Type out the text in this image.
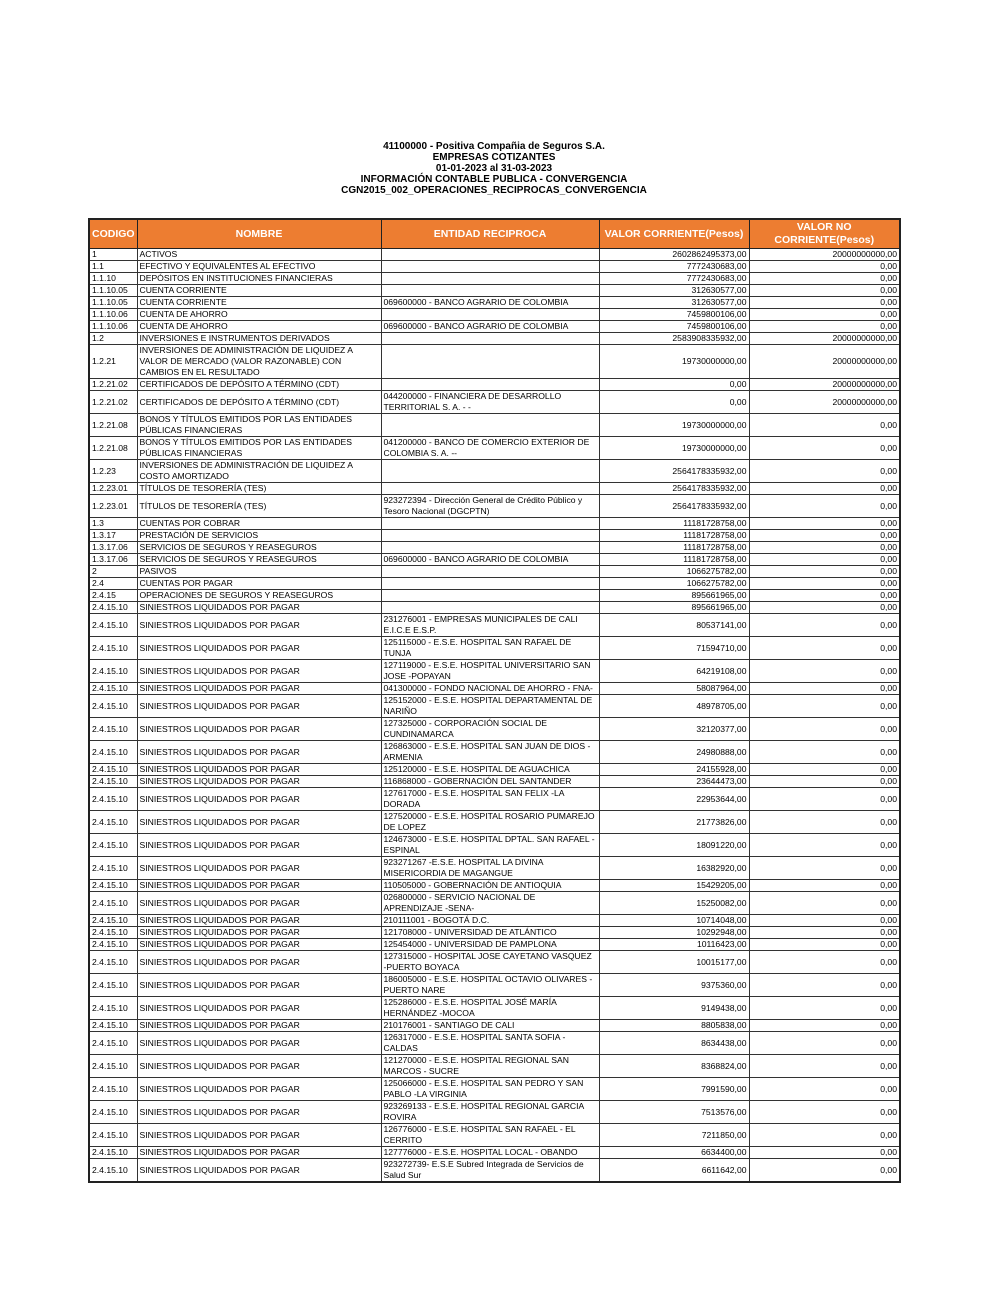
41100000 - Positiva Compañia de Seguros S.A.
EMPRESAS COTIZANTES
01-01-2023 al 31-03-2023
INFORMACIÓN CONTABLE PUBLICA - CONVERGENCIA
CGN2015_002_OPERACIONES_RECIPROCAS_CONVERGENCIA
CODIGO	NOMBRE	ENTIDAD RECIPROCA	VALOR CORRIENTE(Pesos)	VALOR NO CORRIENTE(Pesos)
1	ACTIVOS		2602862495373,00	20000000000,00
1.1	EFECTIVO Y EQUIVALENTES AL EFECTIVO		7772430683,00	0,00
1.1.10	DEPÓSITOS EN INSTITUCIONES FINANCIERAS		7772430683,00	0,00
1.1.10.05	CUENTA CORRIENTE		312630577,00	0,00
1.1.10.05	CUENTA CORRIENTE	069600000 - BANCO AGRARIO DE COLOMBIA	312630577,00	0,00
1.1.10.06	CUENTA DE AHORRO		7459800106,00	0,00
1.1.10.06	CUENTA DE AHORRO	069600000 - BANCO AGRARIO DE COLOMBIA	7459800106,00	0,00
1.2	INVERSIONES E INSTRUMENTOS DERIVADOS		2583908335932,00	20000000000,00
1.2.21	INVERSIONES DE ADMINISTRACIÓN DE LIQUIDEZ A VALOR DE MERCADO (VALOR RAZONABLE) CON CAMBIOS EN EL RESULTADO		19730000000,00	20000000000,00
1.2.21.02	CERTIFICADOS DE DEPÓSITO A TÉRMINO (CDT)		0,00	20000000000,00
1.2.21.02	CERTIFICADOS DE DEPÓSITO A TÉRMINO (CDT)	044200000 - FINANCIERA DE DESARROLLO TERRITORIAL S. A. - -	0,00	20000000000,00
1.2.21.08	BONOS Y TÍTULOS EMITIDOS POR LAS ENTIDADES PÚBLICAS FINANCIERAS		19730000000,00	0,00
1.2.21.08	BONOS Y TÍTULOS EMITIDOS POR LAS ENTIDADES PÚBLICAS FINANCIERAS	041200000 - BANCO DE COMERCIO EXTERIOR DE COLOMBIA S. A. --	19730000000,00	0,00
1.2.23	INVERSIONES DE ADMINISTRACIÓN DE LIQUIDEZ A COSTO AMORTIZADO		2564178335932,00	0,00
1.2.23.01	TÍTULOS DE TESORERÍA (TES)		2564178335932,00	0,00
1.2.23.01	TÍTULOS DE TESORERÍA (TES)	923272394 - Dirección General de Crédito Público y Tesoro Nacional (DGCPTN)	2564178335932,00	0,00
1.3	CUENTAS POR COBRAR		11181728758,00	0,00
1.3.17	PRESTACIÓN DE SERVICIOS		11181728758,00	0,00
1.3.17.06	SERVICIOS DE SEGUROS Y REASEGUROS		11181728758,00	0,00
1.3.17.06	SERVICIOS DE SEGUROS Y REASEGUROS	069600000 - BANCO AGRARIO DE COLOMBIA	11181728758,00	0,00
2	PASIVOS		1066275782,00	0,00
2.4	CUENTAS POR PAGAR		1066275782,00	0,00
2.4.15	OPERACIONES DE SEGUROS Y REASEGUROS		895661965,00	0,00
2.4.15.10	SINIESTROS LIQUIDADOS POR PAGAR		895661965,00	0,00
2.4.15.10	SINIESTROS LIQUIDADOS POR PAGAR	231276001 - EMPRESAS MUNICIPALES DE CALI E.I.C.E E.S.P.	80537141,00	0,00
2.4.15.10	SINIESTROS LIQUIDADOS POR PAGAR	125115000 - E.S.E. HOSPITAL SAN RAFAEL DE TUNJA	71594710,00	0,00
2.4.15.10	SINIESTROS LIQUIDADOS POR PAGAR	127119000 - E.S.E. HOSPITAL UNIVERSITARIO SAN JOSE -POPAYAN	64219108,00	0,00
2.4.15.10	SINIESTROS LIQUIDADOS POR PAGAR	041300000 - FONDO NACIONAL DE AHORRO - FNA-	58087964,00	0,00
2.4.15.10	SINIESTROS LIQUIDADOS POR PAGAR	125152000 - E.S.E. HOSPITAL DEPARTAMENTAL DE NARIÑO	48978705,00	0,00
2.4.15.10	SINIESTROS LIQUIDADOS POR PAGAR	127325000 - CORPORACIÓN SOCIAL DE CUNDINAMARCA	32120377,00	0,00
2.4.15.10	SINIESTROS LIQUIDADOS POR PAGAR	126863000 - E.S.E. HOSPITAL SAN JUAN DE DIOS -ARMENIA	24980888,00	0,00
2.4.15.10	SINIESTROS LIQUIDADOS POR PAGAR	125120000 - E.S.E. HOSPITAL DE AGUACHICA	24155928,00	0,00
2.4.15.10	SINIESTROS LIQUIDADOS POR PAGAR	116868000 - GOBERNACIÓN DEL SANTANDER	23644473,00	0,00
2.4.15.10	SINIESTROS LIQUIDADOS POR PAGAR	127617000 - E.S.E. HOSPITAL SAN FELIX -LA DORADA	22953644,00	0,00
2.4.15.10	SINIESTROS LIQUIDADOS POR PAGAR	127520000 - E.S.E. HOSPITAL ROSARIO PUMAREJO DE LOPEZ	21773826,00	0,00
2.4.15.10	SINIESTROS LIQUIDADOS POR PAGAR	124673000 - E.S.E. HOSPITAL DPTAL. SAN RAFAEL - ESPINAL	18091220,00	0,00
2.4.15.10	SINIESTROS LIQUIDADOS POR PAGAR	923271267 -E.S.E. HOSPITAL LA DIVINA MISERICORDIA DE MAGANGUE	16382920,00	0,00
2.4.15.10	SINIESTROS LIQUIDADOS POR PAGAR	110505000 - GOBERNACIÓN DE ANTIOQUIA	15429205,00	0,00
2.4.15.10	SINIESTROS LIQUIDADOS POR PAGAR	026800000 - SERVICIO NACIONAL DE APRENDIZAJE -SENA-	15250082,00	0,00
2.4.15.10	SINIESTROS LIQUIDADOS POR PAGAR	210111001 - BOGOTÁ D.C.	10714048,00	0,00
2.4.15.10	SINIESTROS LIQUIDADOS POR PAGAR	121708000 - UNIVERSIDAD DE ATLÁNTICO	10292948,00	0,00
2.4.15.10	SINIESTROS LIQUIDADOS POR PAGAR	125454000 - UNIVERSIDAD DE PAMPLONA	10116423,00	0,00
2.4.15.10	SINIESTROS LIQUIDADOS POR PAGAR	127315000 - HOSPITAL JOSE CAYETANO VASQUEZ -PUERTO BOYACA	10015177,00	0,00
2.4.15.10	SINIESTROS LIQUIDADOS POR PAGAR	186005000 - E.S.E. HOSPITAL OCTAVIO OLIVARES -PUERTO NARE	9375360,00	0,00
2.4.15.10	SINIESTROS LIQUIDADOS POR PAGAR	125286000 - E.S.E. HOSPITAL JOSÉ MARÍA HERNÁNDEZ -MOCOA	9149438,00	0,00
2.4.15.10	SINIESTROS LIQUIDADOS POR PAGAR	210176001 - SANTIAGO DE CALI	8805838,00	0,00
2.4.15.10	SINIESTROS LIQUIDADOS POR PAGAR	126317000 - E.S.E. HOSPITAL SANTA SOFIA - CALDAS	8634438,00	0,00
2.4.15.10	SINIESTROS LIQUIDADOS POR PAGAR	121270000 - E.S.E. HOSPITAL REGIONAL SAN MARCOS - SUCRE	8368824,00	0,00
2.4.15.10	SINIESTROS LIQUIDADOS POR PAGAR	125066000 - E.S.E. HOSPITAL SAN PEDRO Y SAN PABLO -LA VIRGINIA	7991590,00	0,00
2.4.15.10	SINIESTROS LIQUIDADOS POR PAGAR	923269133 - E.S.E. HOSPITAL REGIONAL GARCIA ROVIRA	7513576,00	0,00
2.4.15.10	SINIESTROS LIQUIDADOS POR PAGAR	126776000 - E.S.E. HOSPITAL SAN RAFAEL - EL CERRITO	7211850,00	0,00
2.4.15.10	SINIESTROS LIQUIDADOS POR PAGAR	127776000 - E.S.E. HOSPITAL LOCAL - OBANDO	6634400,00	0,00
2.4.15.10	SINIESTROS LIQUIDADOS POR PAGAR	923272739- E.S.E Subred Integrada de Servicios de Salud Sur	6611642,00	0,00
